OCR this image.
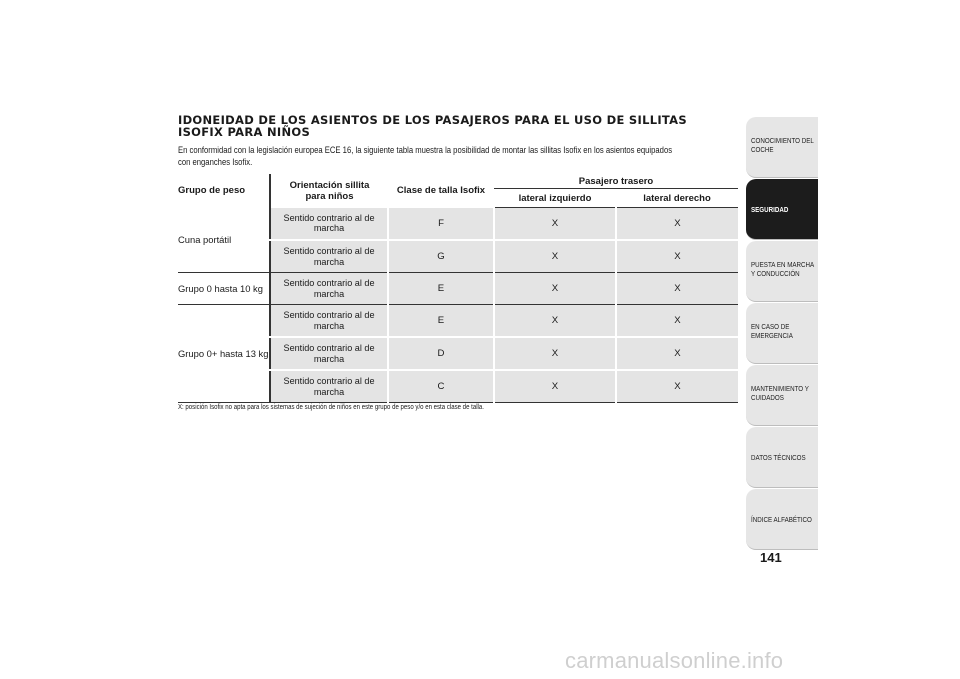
IDONEIDAD DE LOS ASIENTOS DE LOS PASAJEROS PARA EL USO DE SILLITAS
ISOFIX PARA NIÑOS
En conformidad con la legislación europea ECE 16, la siguiente tabla muestra la posibilidad de montar las sillitas Isofix en los asientos equipados
con enganches Isofix.
Grupo de peso	Orientación sillita
para niños	Clase de talla Isofix	Pasajero trasero	
			lateral izquierdo	lateral derecho
Cuna portátil	Sentido contrario al de
marcha	F	X	X

	Sentido contrario al de
marcha	G	X	X
Grupo 0 hasta 10 kg	Sentido contrario al de
marcha	E	X	X
Grupo 0+ hasta 13 kg	Sentido contrario al de
marcha	E	X	X

	Sentido contrario al de
marcha	D	X	X

	Sentido contrario al de
marcha	C	X	X
X: posición Isofix no apta para los sistemas de sujeción de niños en este grupo de peso y/o en esta clase de talla.
CONOCIMIENTO DEL
COCHE
SEGURIDAD
PUESTA EN MARCHA
Y CONDUCCIÓN
EN CASO DE
EMERGENCIA
MANTENIMIENTO Y
CUIDADOS
DATOS TÉCNICOS
ÍNDICE ALFABÉTICO
141
carmanualsonline.info
